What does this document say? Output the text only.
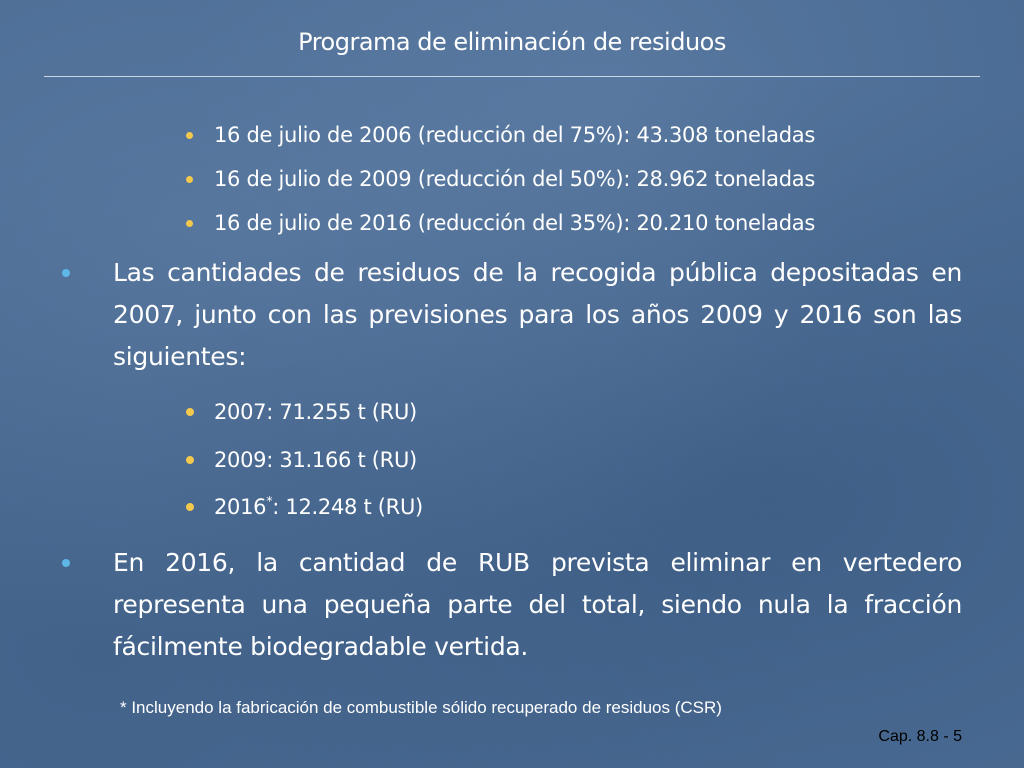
Programa de eliminación de residuos
16 de julio de 2006 (reducción del 75%): 43.308 toneladas
16 de julio de 2009 (reducción del 50%): 28.962 toneladas
16 de julio de 2016 (reducción del 35%): 20.210 toneladas
Las cantidades de residuos de la recogida pública depositadas en 2007, junto con las previsiones para los años 2009 y 2016 son las siguientes:
2007: 71.255 t (RU)
2009: 31.166 t (RU)
2016*: 12.248 t (RU)
En 2016, la cantidad de RUB prevista eliminar en vertedero representa una pequeña parte del total, siendo nula la fracción fácilmente biodegradable vertida.
* Incluyendo la fabricación de combustible sólido recuperado de residuos (CSR)
Cap. 8.8 - 5
